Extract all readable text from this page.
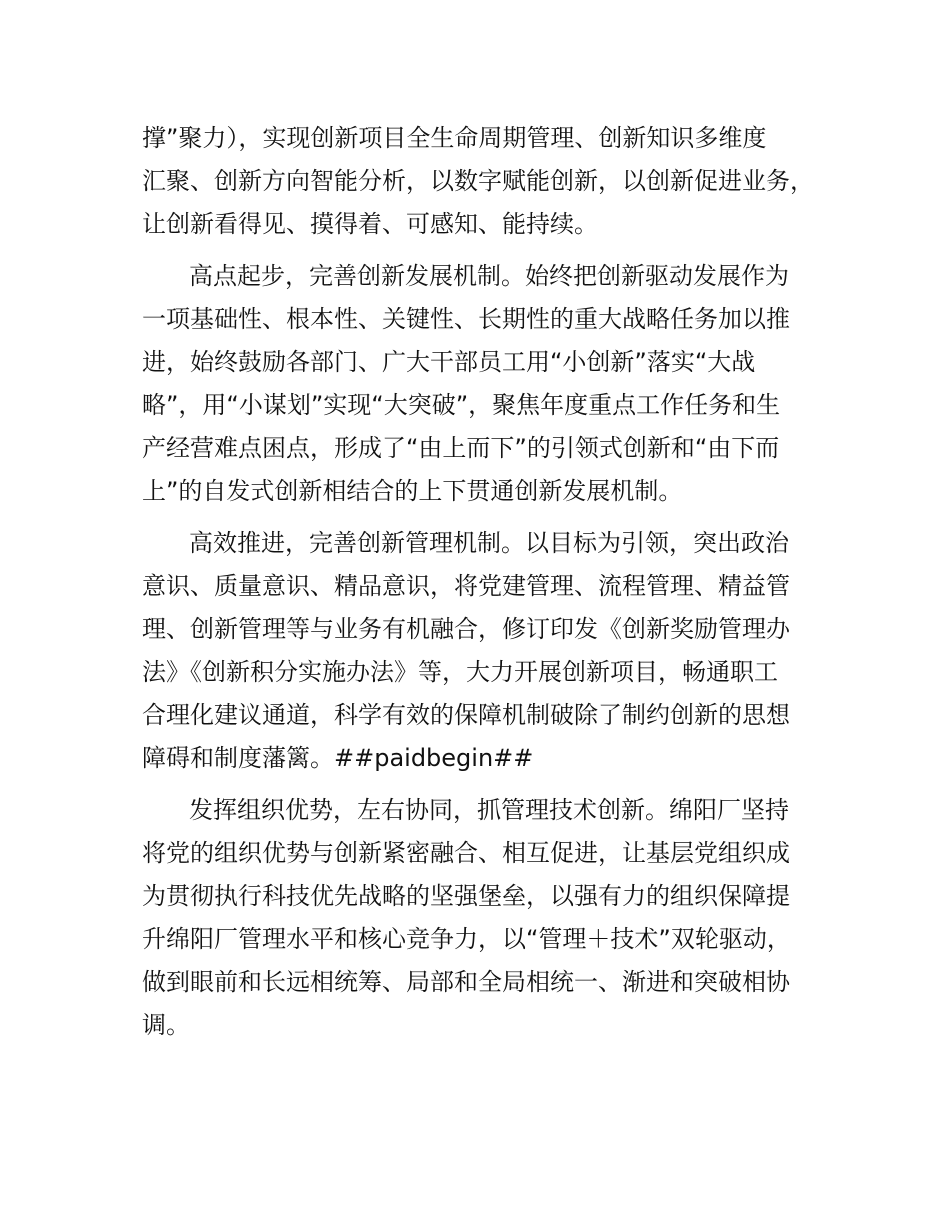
撑”聚力），实现创新项目全生命周期管理、创新知识多维度
汇聚、创新方向智能分析，以数字赋能创新，以创新促进业务，
让创新看得见、摸得着、可感知、能持续。
高点起步，完善创新发展机制。始终把创新驱动发展作为
一项基础性、根本性、关键性、长期性的重大战略任务加以推
进，始终鼓励各部门、广大干部员工用“小创新”落实“大战
略”，用“小谋划”实现“大突破”，聚焦年度重点工作任务和生
产经营难点困点，形成了“由上而下”的引领式创新和“由下而
上”的自发式创新相结合的上下贯通创新发展机制。
高效推进，完善创新管理机制。以目标为引领，突出政治
意识、质量意识、精品意识，将党建管理、流程管理、精益管
理、创新管理等与业务有机融合，修订印发《创新奖励管理办
法》《创新积分实施办法》等，大力开展创新项目，畅通职工
合理化建议通道，科学有效的保障机制破除了制约创新的思想
障碍和制度藩篱。##paidbegin##
发挥组织优势，左右协同，抓管理技术创新。绵阳厂坚持
将党的组织优势与创新紧密融合、相互促进，让基层党组织成
为贯彻执行科技优先战略的坚强堡垒，以强有力的组织保障提
升绵阳厂管理水平和核心竞争力，以“管理＋技术”双轮驱动，
做到眼前和长远相统筹、局部和全局相统一、渐进和突破相协
调。
